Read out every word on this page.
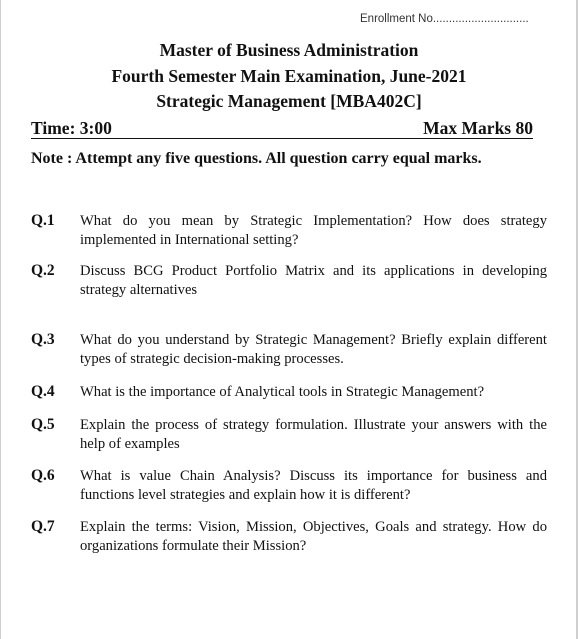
Enrollment No..............................
Master of Business Administration
Fourth Semester Main Examination, June-2021
Strategic Management [MBA402C]
Time: 3:00	Max Marks 80
Note : Attempt any five questions. All question carry equal marks.
Q.1 What do you mean by Strategic Implementation? How does strategy implemented in International setting?
Q.2 Discuss BCG Product Portfolio Matrix and its applications in developing strategy alternatives
Q.3 What do you understand by Strategic Management? Briefly explain different types of strategic decision-making processes.
Q.4 What is the importance of Analytical tools in Strategic Management?
Q.5 Explain the process of strategy formulation. Illustrate your answers with the help of examples
Q.6 What is value Chain Analysis? Discuss its importance for business and functions level strategies and explain how it is different?
Q.7 Explain the terms: Vision, Mission, Objectives, Goals and strategy. How do organizations formulate their Mission?
